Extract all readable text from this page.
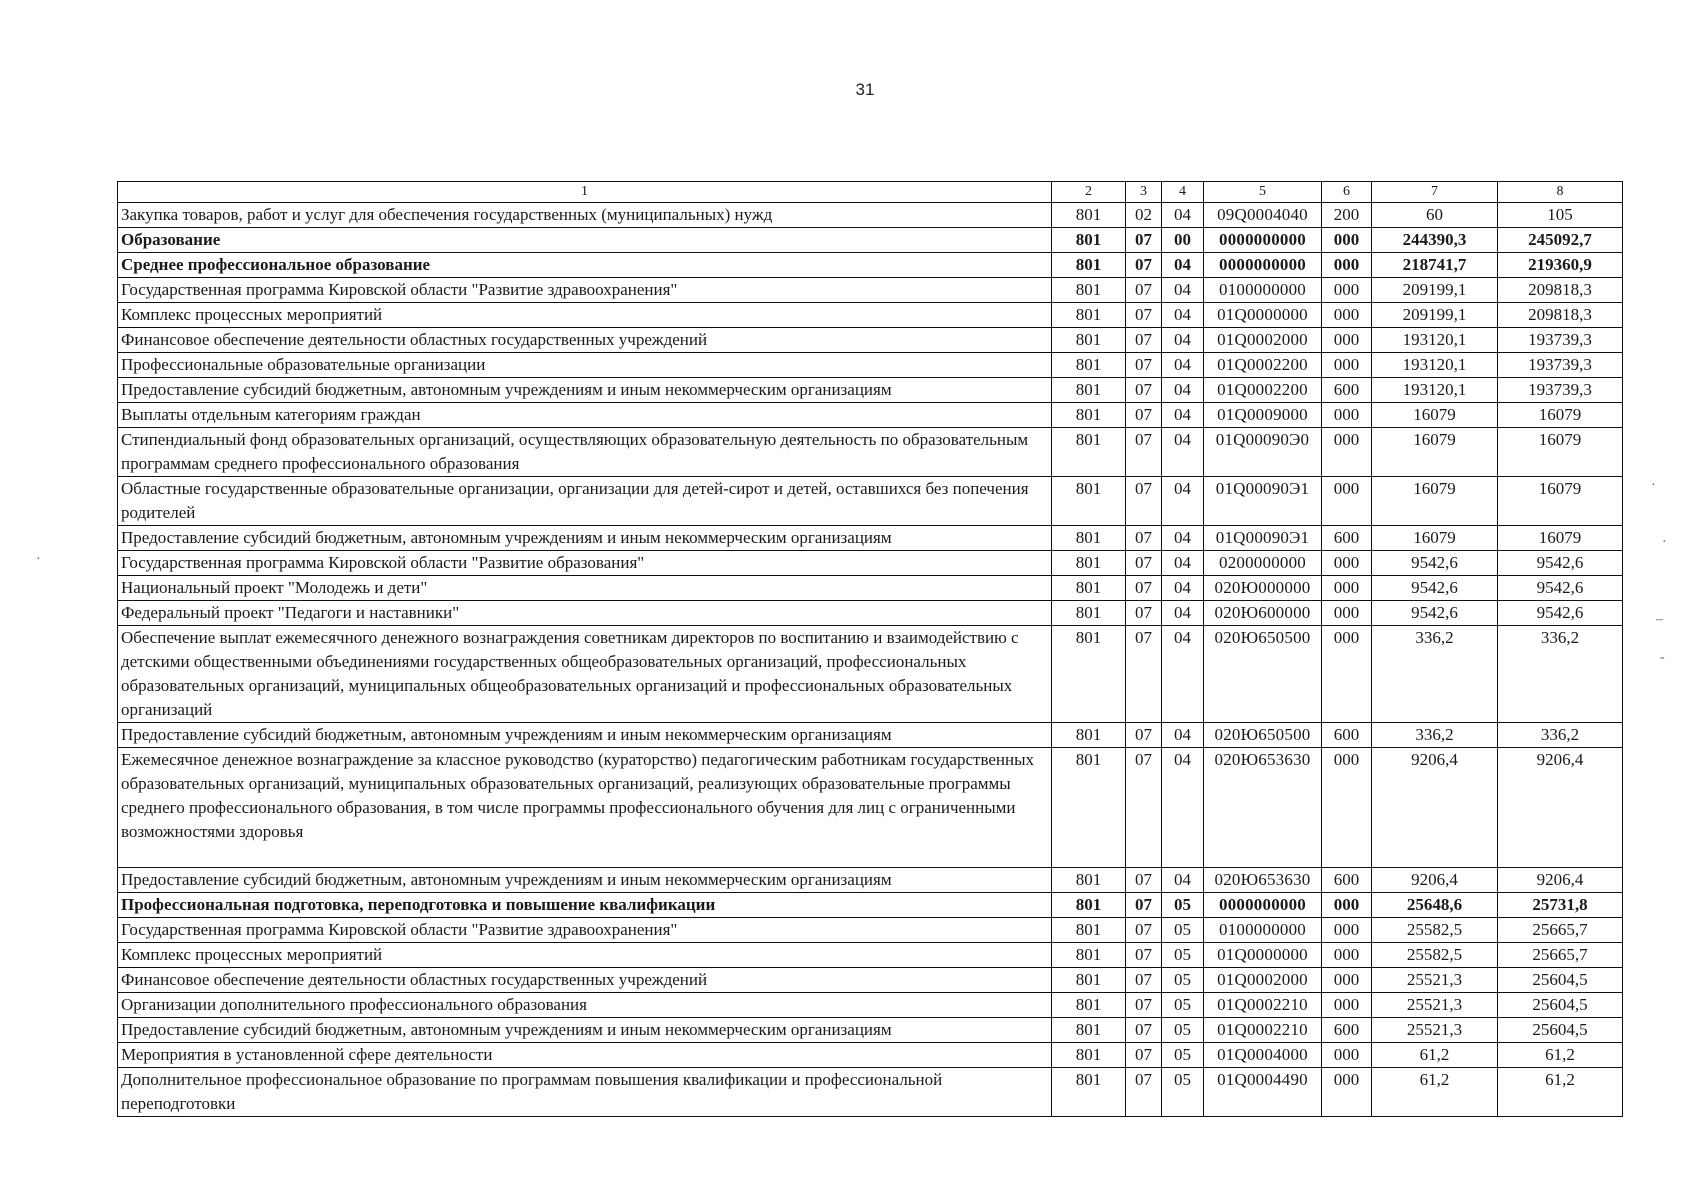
31
1	2	3	4	5	6	7	8
Закупка товаров, работ и услуг для обеспечения государственных (муниципальных) нужд	801	02	04	09Q0004040	200	60	105
Образование	801	07	00	0000000000	000	244390,3	245092,7
Среднее профессиональное образование	801	07	04	0000000000	000	218741,7	219360,9
Государственная программа Кировской области "Развитие здравоохранения"	801	07	04	0100000000	000	209199,1	209818,3
Комплекс процессных мероприятий	801	07	04	01Q0000000	000	209199,1	209818,3
Финансовое обеспечение деятельности областных государственных учреждений	801	07	04	01Q0002000	000	193120,1	193739,3
Профессиональные образовательные организации	801	07	04	01Q0002200	000	193120,1	193739,3
Предоставление субсидий бюджетным, автономным учреждениям и иным некоммерческим организациям	801	07	04	01Q0002200	600	193120,1	193739,3
Выплаты отдельным категориям граждан	801	07	04	01Q0009000	000	16079	16079
Стипендиальный фонд образовательных организаций, осуществляющих образовательную деятельность по образовательным программам среднего профессионального образования	801	07	04	01Q00090Э0	000	16079	16079
Областные государственные образовательные организации, организации для детей-сирот и детей, оставшихся без попечения родителей	801	07	04	01Q00090Э1	000	16079	16079
Предоставление субсидий бюджетным, автономным учреждениям и иным некоммерческим организациям	801	07	04	01Q00090Э1	600	16079	16079
Государственная программа Кировской области "Развитие образования"	801	07	04	0200000000	000	9542,6	9542,6
Национальный проект "Молодежь и дети"	801	07	04	020Ю000000	000	9542,6	9542,6
Федеральный проект "Педагоги и наставники"	801	07	04	020Ю600000	000	9542,6	9542,6
Обеспечение выплат ежемесячного денежного вознаграждения советникам директоров по воспитанию и взаимодействию с детскими общественными объединениями государственных общеобразовательных организаций, профессиональных образовательных организаций, муниципальных общеобразовательных организаций и профессиональных образовательных организаций	801	07	04	020Ю650500	000	336,2	336,2
Предоставление субсидий бюджетным, автономным учреждениям и иным некоммерческим организациям	801	07	04	020Ю650500	600	336,2	336,2
Ежемесячное денежное вознаграждение за классное руководство (кураторство) педагогическим работникам государственных образовательных организаций, муниципальных образовательных организаций, реализующих образовательные программы среднего профессионального образования, в том числе программы профессионального обучения для лиц с ограниченными возможностями здоровья	801	07	04	020Ю653630	000	9206,4	9206,4
Предоставление субсидий бюджетным, автономным учреждениям и иным некоммерческим организациям	801	07	04	020Ю653630	600	9206,4	9206,4
Профессиональная подготовка, переподготовка и повышение квалификации	801	07	05	0000000000	000	25648,6	25731,8
Государственная программа Кировской области "Развитие здравоохранения"	801	07	05	0100000000	000	25582,5	25665,7
Комплекс процессных мероприятий	801	07	05	01Q0000000	000	25582,5	25665,7
Финансовое обеспечение деятельности областных государственных учреждений	801	07	05	01Q0002000	000	25521,3	25604,5
Организации дополнительного профессионального образования	801	07	05	01Q0002210	000	25521,3	25604,5
Предоставление субсидий бюджетным, автономным учреждениям и иным некоммерческим организациям	801	07	05	01Q0002210	600	25521,3	25604,5
Мероприятия в установленной сфере деятельности	801	07	05	01Q0004000	000	61,2	61,2
Дополнительное профессиональное образование по программам повышения квалификации и профессиональной переподготовки	801	07	05	01Q0004490	000	61,2	61,2
·
·
–
-
·
